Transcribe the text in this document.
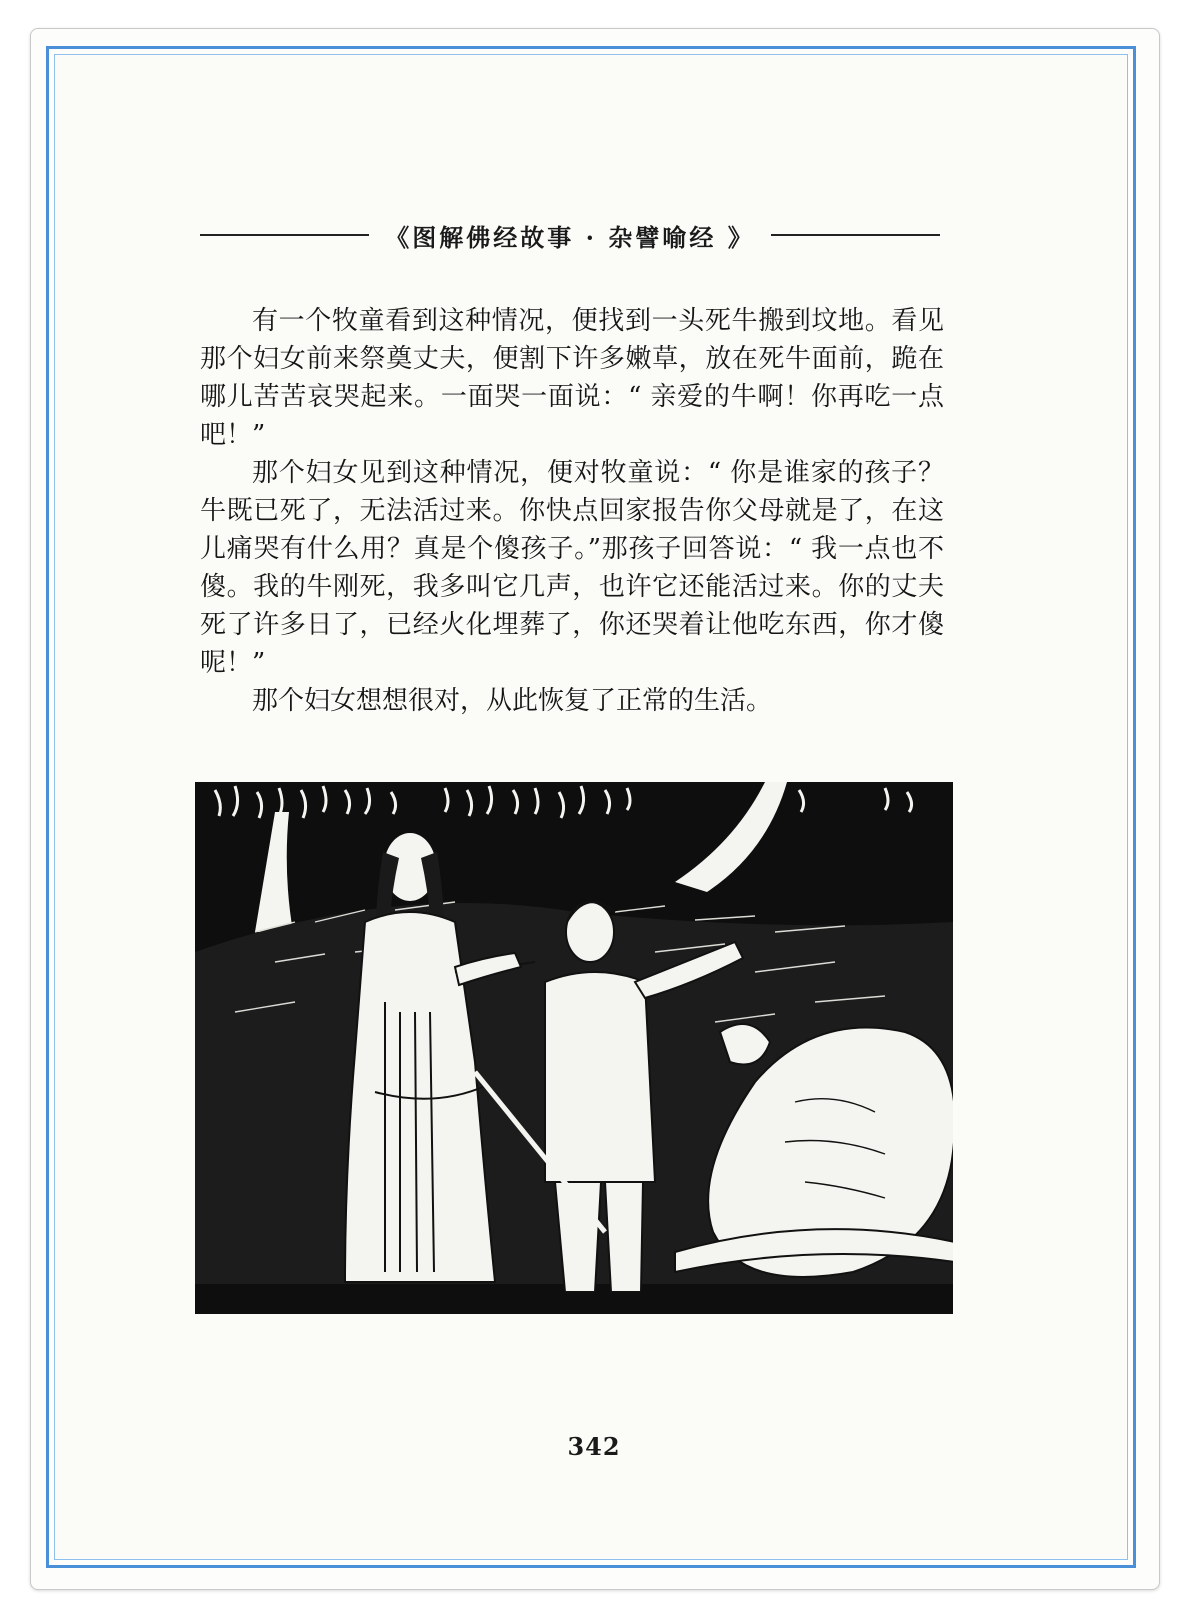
《图解佛经故事 · 杂譬喻经 》

有一个牧童看到这种情况，便找到一头死牛搬到坟地。看见那个妇女前来祭奠丈夫，便割下许多嫩草，放在死牛面前，跪在哪儿苦苦哀哭起来。一面哭一面说：“ 亲爱的牛啊！你再吃一点吧！”

那个妇女见到这种情况，便对牧童说：“ 你是谁家的孩子？牛既已死了，无法活过来。你快点回家报告你父母就是了，在这儿痛哭有什么用？真是个傻孩子。”那孩子回答说：“ 我一点也不傻。我的牛刚死，我多叫它几声，也许它还能活过来。你的丈夫死了许多日了，已经火化埋葬了，你还哭着让他吃东西，你才傻呢！”

那个妇女想想很对，从此恢复了正常的生活。

342
